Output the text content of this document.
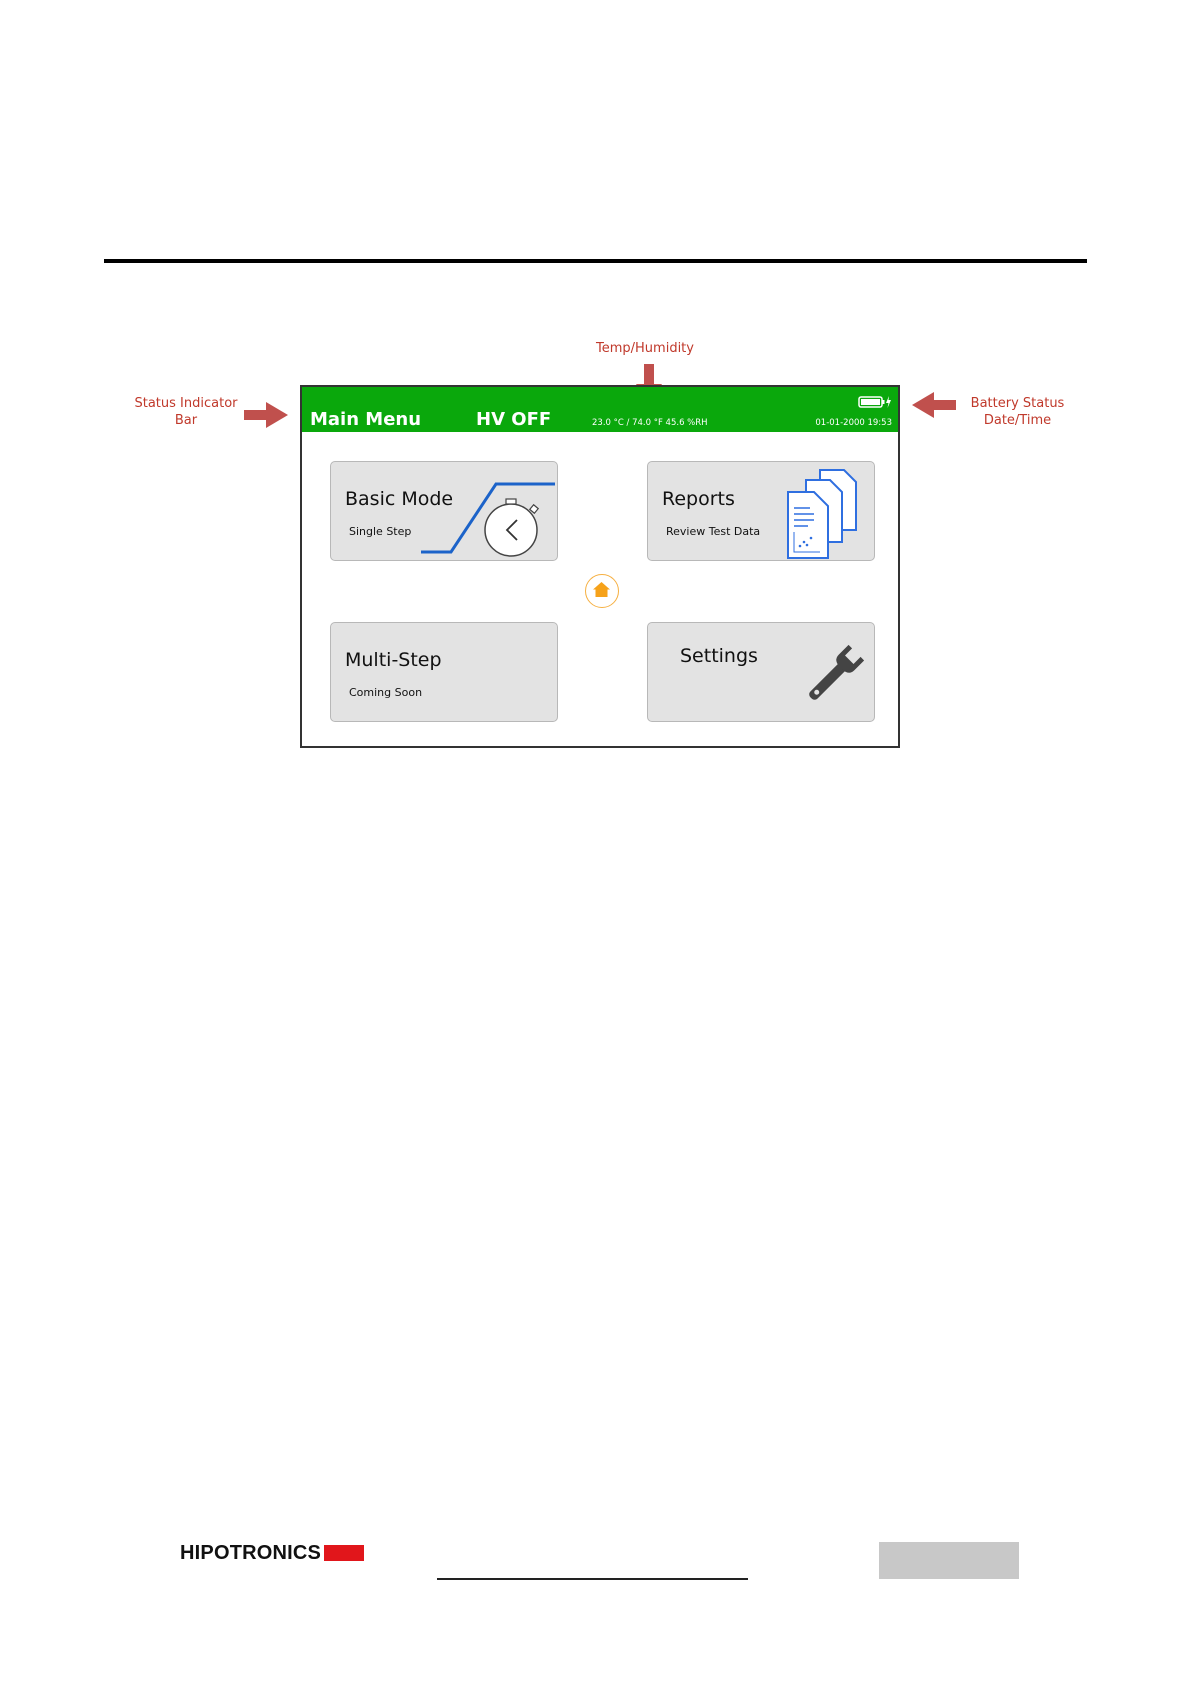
Temp/Humidity
Status Indicator
Bar
Battery Status
Date/Time
Main Menu	HV OFF	23.0 °C / 74.0 °F 45.6 %RH	01-01-2000 19:53
Basic Mode
Single Step
Reports
Review Test Data
Multi-Step
Coming Soon
Settings
HIPOTRONICS
